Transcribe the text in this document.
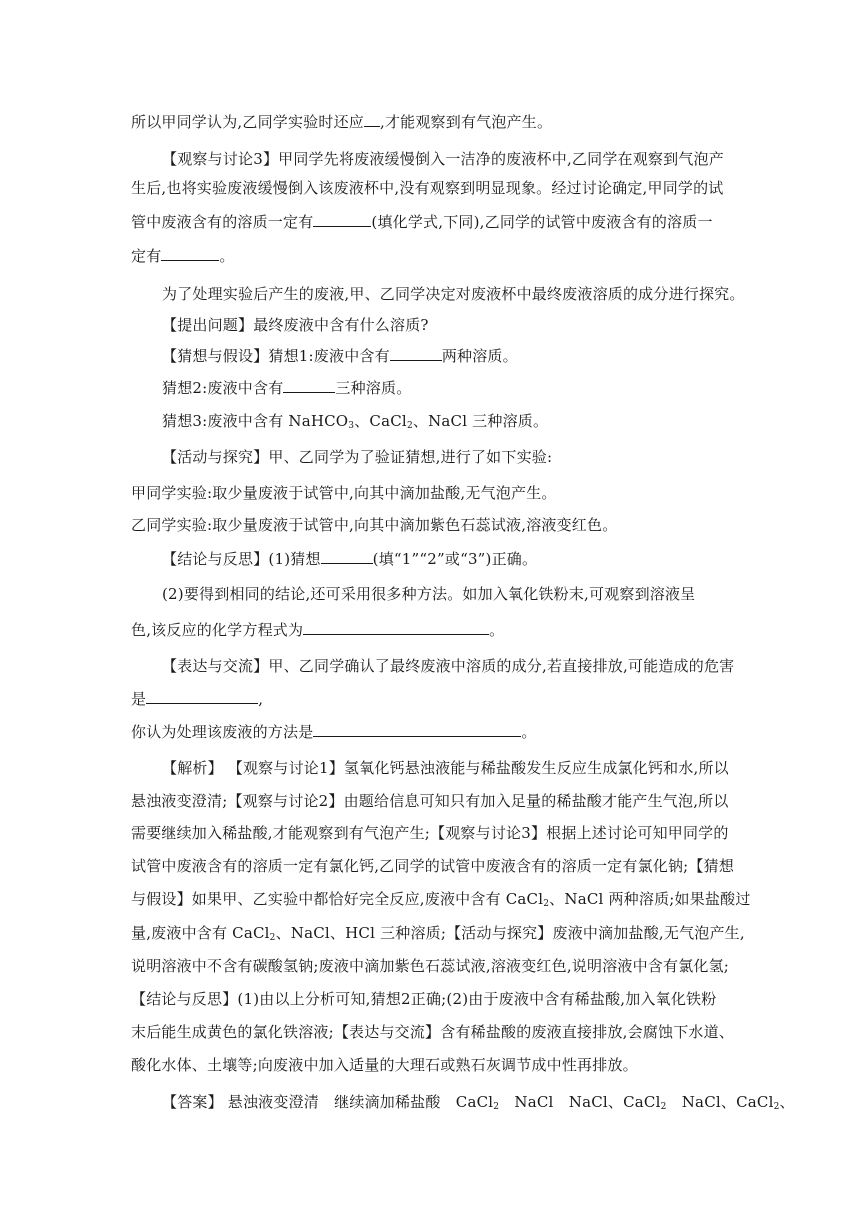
所以甲同学认为,乙同学实验时还应 ,才能观察到有气泡产生。
【观察与讨论3】甲同学先将废液缓慢倒入一洁净的废液杯中,乙同学在观察到气泡产
生后,也将实验废液缓慢倒入该废液杯中,没有观察到明显现象。经过讨论确定,甲同学的试
管中废液含有的溶质一定有	(填化学式,下同),乙同学的试管中废液含有的溶质一
定有	。
为了处理实验后产生的废液,甲、乙同学决定对废液杯中最终废液溶质的成分进行探究。
【提出问题】最终废液中含有什么溶质?
【猜想与假设】猜想1:废液中含有	两种溶质。
猜想2:废液中含有	三种溶质。
猜想3:废液中含有 NaHCO$_3$、CaCl$_2$、NaCl 三种溶质。
【活动与探究】甲、乙同学为了验证猜想,进行了如下实验:
甲同学实验:取少量废液于试管中,向其中滴加盐酸,无气泡产生。
乙同学实验:取少量废液于试管中,向其中滴加紫色石蕊试液,溶液变红色。
【结论与反思】(1)猜想	(填“1”“2”或“3”)正确。
(2)要得到相同的结论,还可采用很多种方法。如加入氧化铁粉末,可观察到溶液呈
色,该反应的化学方程式为	。
【表达与交流】甲、乙同学确认了最终废液中溶质的成分,若直接排放,可能造成的危害
是	,
你认为处理该废液的方法是	。
【解析】 【观察与讨论1】氢氧化钙悬浊液能与稀盐酸发生反应生成氯化钙和水,所以
悬浊液变澄清;【观察与讨论2】由题给信息可知只有加入足量的稀盐酸才能产生气泡,所以
需要继续加入稀盐酸,才能观察到有气泡产生;【观察与讨论3】根据上述讨论可知甲同学的
试管中废液含有的溶质一定有氯化钙,乙同学的试管中废液含有的溶质一定有氯化钠;【猜想
与假设】如果甲、乙实验中都恰好完全反应,废液中含有 CaCl$_2$、NaCl 两种溶质;如果盐酸过
量,废液中含有 CaCl$_2$、NaCl、HCl 三种溶质;【活动与探究】废液中滴加盐酸,无气泡产生,
说明溶液中不含有碳酸氢钠;废液中滴加紫色石蕊试液,溶液变红色,说明溶液中含有氯化氢;
【结论与反思】(1)由以上分析可知,猜想2正确;(2)由于废液中含有稀盐酸,加入氧化铁粉
末后能生成黄色的氯化铁溶液;【表达与交流】含有稀盐酸的废液直接排放,会腐蚀下水道、
酸化水体、土壤等;向废液中加入适量的大理石或熟石灰调节成中性再排放。
【答案】 悬浊液变澄清　继续滴加稀盐酸　CaCl$_2$　NaCl　NaCl、CaCl$_2$　NaCl、CaCl$_2$、
